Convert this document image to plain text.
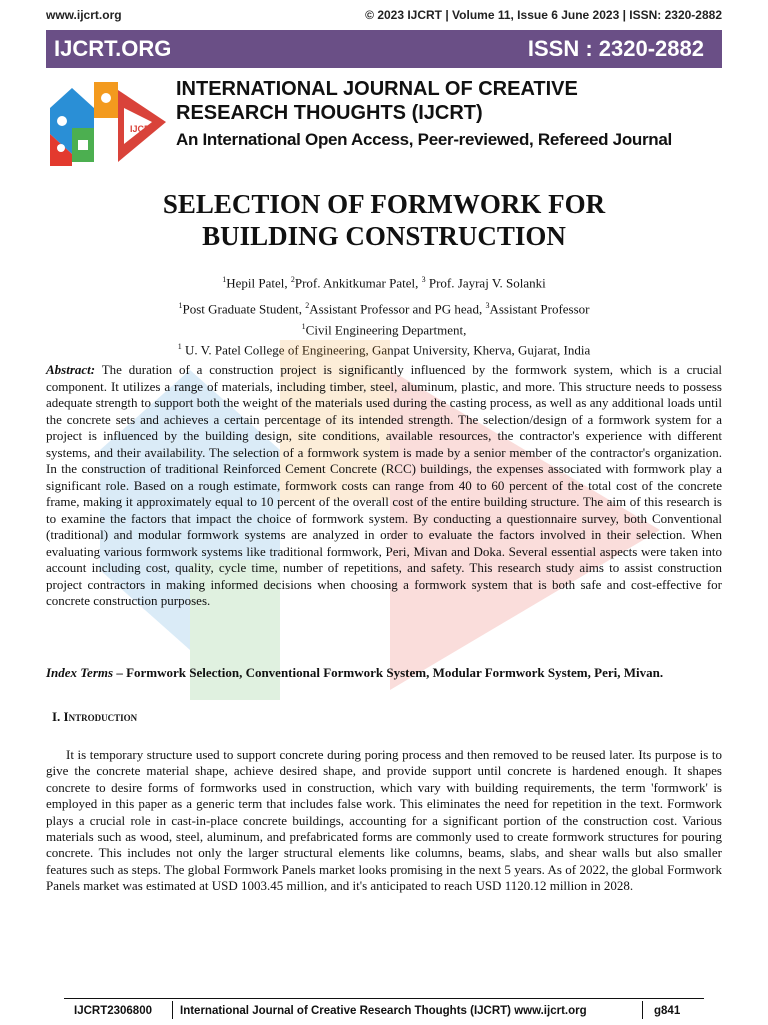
www.ijcrt.org	© 2023 IJCRT | Volume 11, Issue 6 June 2023 | ISSN: 2320-2882
IJCRT.ORG	ISSN : 2320-2882
IJCRT
INTERNATIONAL JOURNAL OF CREATIVE
RESEARCH THOUGHTS (IJCRT)
An International Open Access, Peer-reviewed, Refereed Journal
SELECTION OF FORMWORK FOR
BUILDING CONSTRUCTION
$^1$Hepil Patel, $^2$Prof. Ankitkumar Patel, $^3$ Prof. Jayraj V. Solanki
$^1$Post Graduate Student, $^2$Assistant Professor and PG head, $^3$Assistant Professor
$^1$Civil Engineering Department,
$^1$ U. V. Patel College of Engineering, Ganpat University, Kherva, Gujarat, India
Abstract: The duration of a construction project is significantly influenced by the formwork system, which is a crucial component. It utilizes a range of materials, including timber, steel, aluminum, plastic, and more. This structure needs to possess adequate strength to support both the weight of the materials used during the casting process, as well as any additional loads until the concrete sets and achieves a certain percentage of its intended strength. The selection/design of a formwork system for a project is influenced by the building design, site conditions, available resources, the contractor's experience with different systems, and their availability. The selection of a formwork system is made by a senior member of the contractor's organization. In the construction of traditional Reinforced Cement Concrete (RCC) buildings, the expenses associated with formwork play a significant role. Based on a rough estimate, formwork costs can range from 40 to 60 percent of the total cost of the concrete frame, making it approximately equal to 10 percent of the overall cost of the entire building structure. The aim of this research is to examine the factors that impact the choice of formwork system. By conducting a questionnaire survey, both Conventional (traditional) and modular formwork systems are analyzed in order to evaluate the factors involved in their selection. When evaluating various formwork systems like traditional formwork, Peri, Mivan and Doka. Several essential aspects were taken into account including cost, quality, cycle time, number of repetitions, and safety. This research study aims to assist construction project contractors in making informed decisions when choosing a formwork system that is both safe and cost-effective for concrete construction purposes.
Index Terms – Formwork Selection, Conventional Formwork System, Modular Formwork System, Peri, Mivan.
I. Introduction
It is temporary structure used to support concrete during poring process and then removed to be reused later. Its purpose is to give the concrete material shape, achieve desired shape, and provide support until concrete is hardened enough. It shapes concrete to desire forms of formworks used in construction, which vary with building requirements, the term 'formwork' is employed in this paper as a generic term that includes false work. This eliminates the need for repetition in the text. Formwork plays a crucial role in cast-in-place concrete buildings, accounting for a significant portion of the construction cost. Various materials such as wood, steel, aluminum, and prefabricated forms are commonly used to create formwork structures for pouring concrete. This includes not only the larger structural elements like columns, beams, slabs, and shear walls but also smaller features such as steps. The global Formwork Panels market looks promising in the next 5 years. As of 2022, the global Formwork Panels market was estimated at USD 1003.45 million, and it's anticipated to reach USD 1120.12 million in 2028.
IJCRT2306800 International Journal of Creative Research Thoughts (IJCRT) www.ijcrt.org	g841
